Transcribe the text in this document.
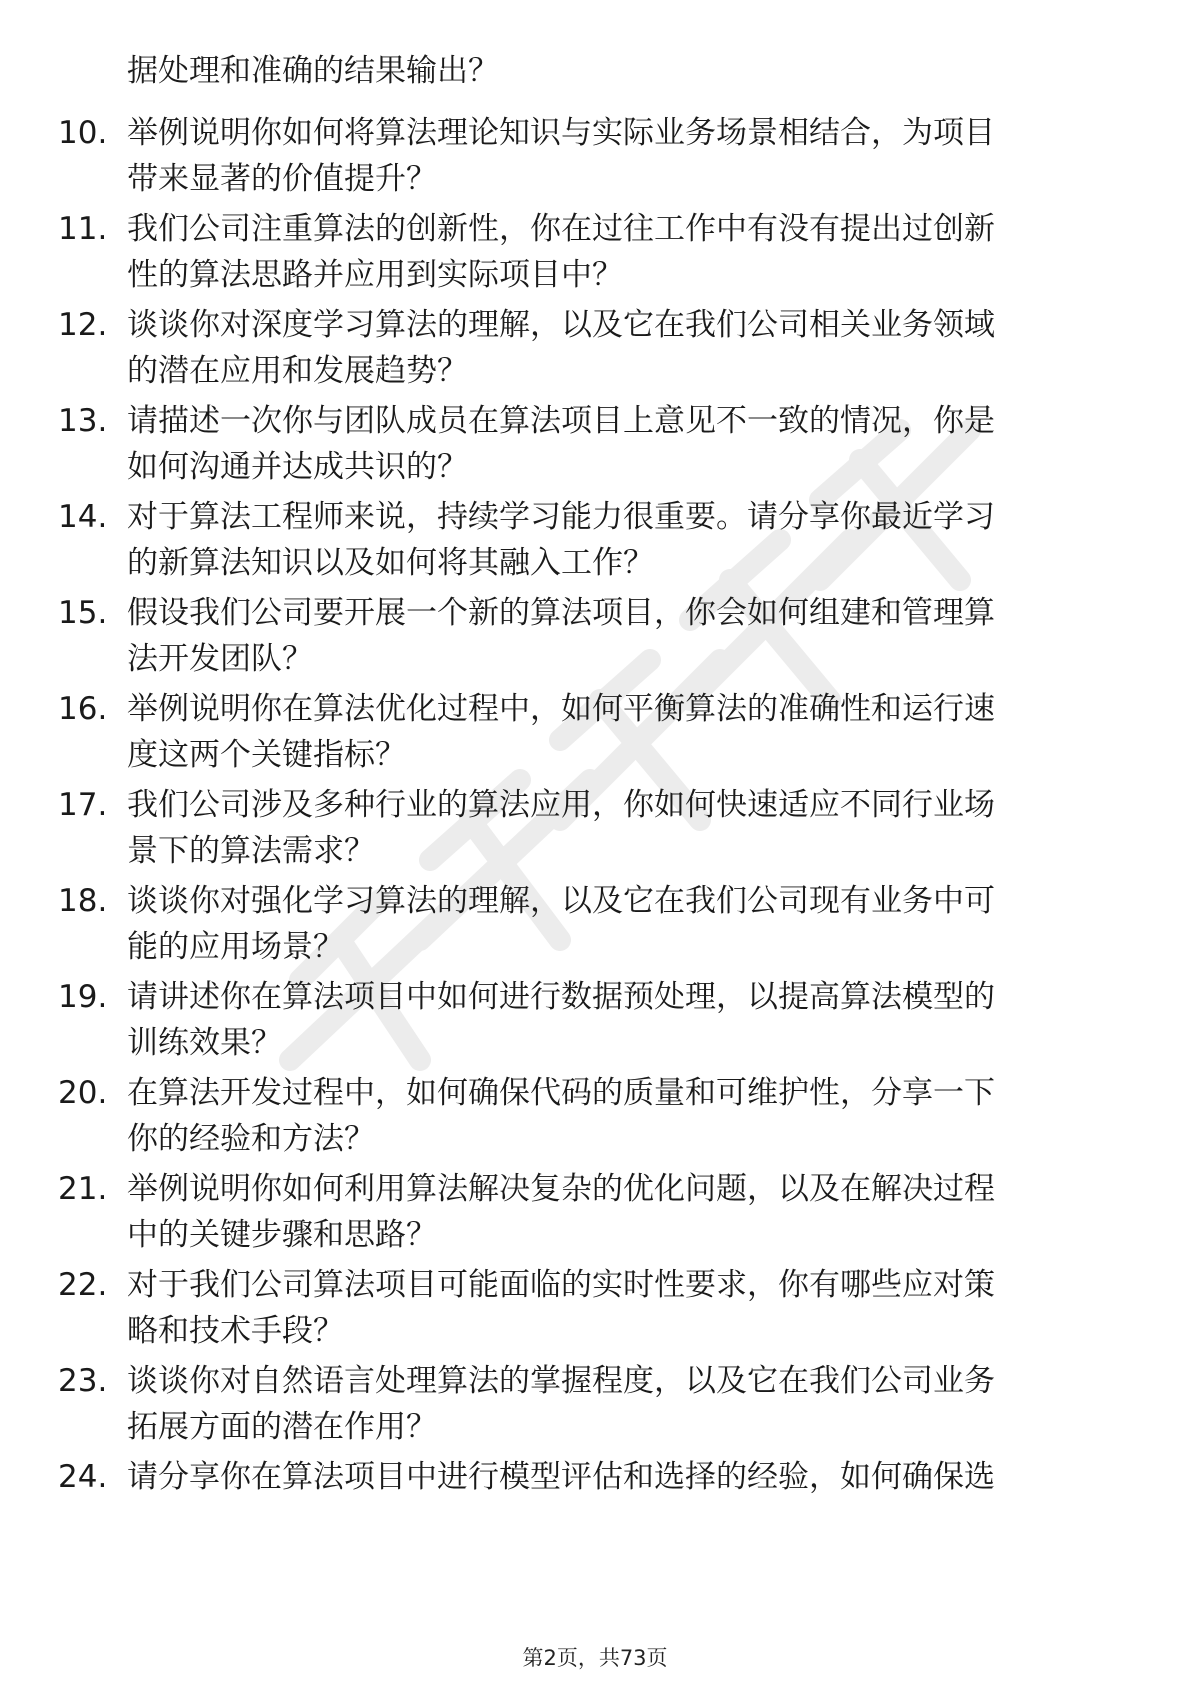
据处理和准确的结果输出？
10. 举例说明你如何将算法理论知识与实际业务场景相结合，为项目
带来显著的价值提升？
11. 我们公司注重算法的创新性，你在过往工作中有没有提出过创新
性的算法思路并应用到实际项目中？
12. 谈谈你对深度学习算法的理解，以及它在我们公司相关业务领域
的潜在应用和发展趋势？
13. 请描述一次你与团队成员在算法项目上意见不一致的情况，你是
如何沟通并达成共识的？
14. 对于算法工程师来说，持续学习能力很重要。请分享你最近学习
的新算法知识以及如何将其融入工作？
15. 假设我们公司要开展一个新的算法项目，你会如何组建和管理算
法开发团队？
16. 举例说明你在算法优化过程中，如何平衡算法的准确性和运行速
度这两个关键指标？
17. 我们公司涉及多种行业的算法应用，你如何快速适应不同行业场
景下的算法需求？
18. 谈谈你对强化学习算法的理解，以及它在我们公司现有业务中可
能的应用场景？
19. 请讲述你在算法项目中如何进行数据预处理，以提高算法模型的
训练效果？
20. 在算法开发过程中，如何确保代码的质量和可维护性，分享一下
你的经验和方法？
21. 举例说明你如何利用算法解决复杂的优化问题，以及在解决过程
中的关键步骤和思路？
22. 对于我们公司算法项目可能面临的实时性要求，你有哪些应对策
略和技术手段？
23. 谈谈你对自然语言处理算法的掌握程度，以及它在我们公司业务
拓展方面的潜在作用？
24. 请分享你在算法项目中进行模型评估和选择的经验，如何确保选
第2页，共73页
